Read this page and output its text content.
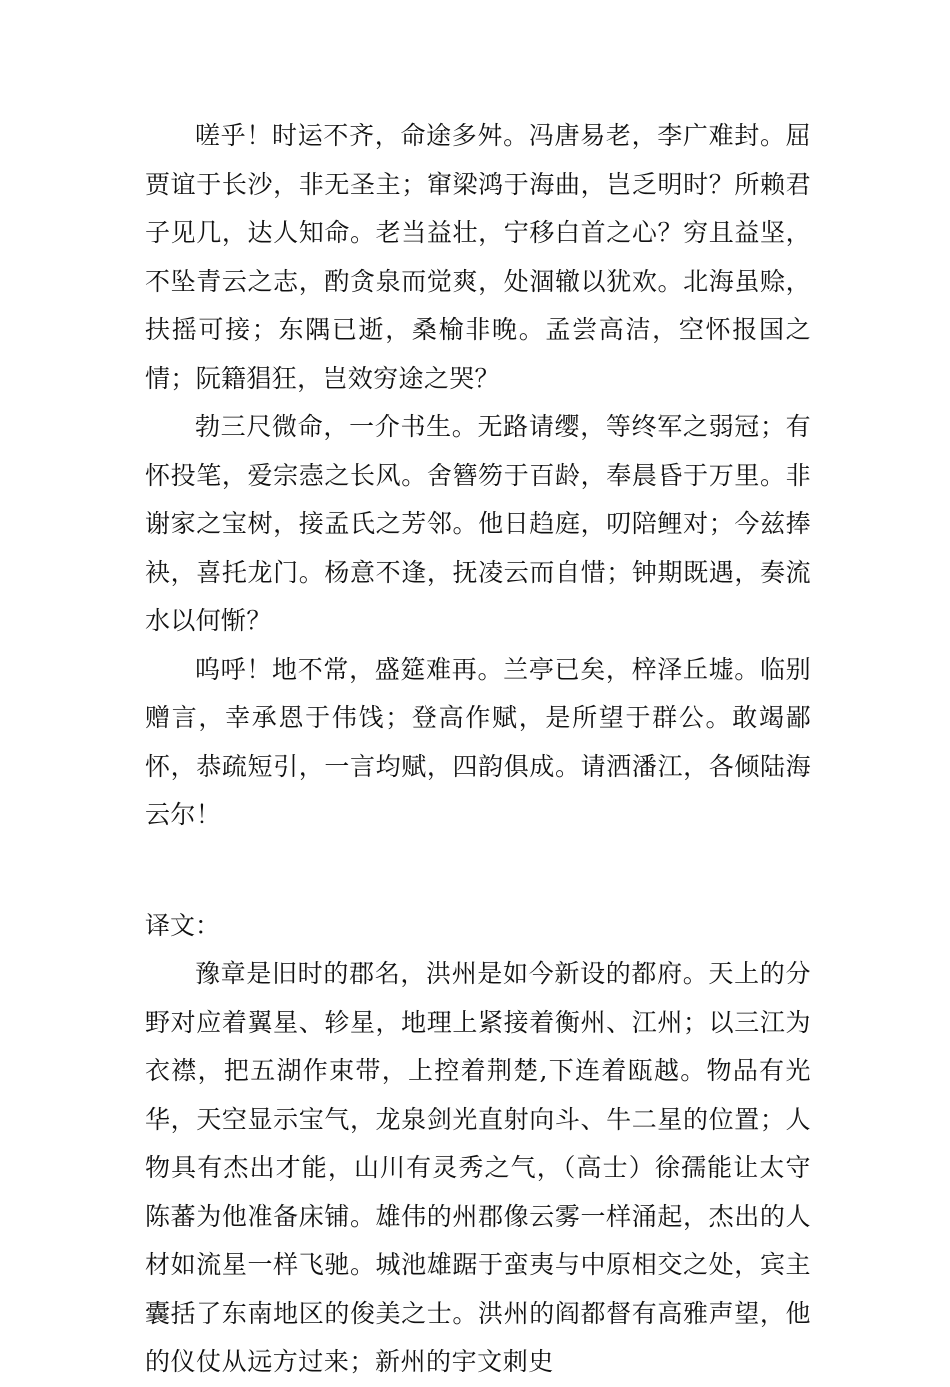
嗟乎！时运不齐，命途多舛。冯唐易老，李广难封。屈贾谊于长沙，非无圣主；窜梁鸿于海曲，岂乏明时？所赖君子见几，达人知命。老当益壮，宁移白首之心？穷且益坚，不坠青云之志，酌贪泉而觉爽，处涸辙以犹欢。北海虽赊，扶摇可接；东隅已逝，桑榆非晚。孟尝高洁，空怀报国之情；阮籍猖狂，岂效穷途之哭？

勃三尺微命，一介书生。无路请缨，等终军之弱冠；有怀投笔，爱宗悫之长风。舍簪笏于百龄，奉晨昏于万里。非谢家之宝树，接孟氏之芳邻。他日趋庭，叨陪鲤对；今兹捧袂，喜托龙门。杨意不逢，抚凌云而自惜；钟期既遇，奏流水以何惭？

呜呼！地不常，盛筵难再。兰亭已矣，梓泽丘墟。临别赠言，幸承恩于伟饯；登高作赋，是所望于群公。敢竭鄙怀，恭疏短引，一言均赋，四韵俱成。请洒潘江，各倾陆海云尔！

译文：

豫章是旧时的郡名，洪州是如今新设的都府。天上的分野对应着翼星、轸星，地理上紧接着衡州、江州；以三江为衣襟，把五湖作束带，上控着荆楚,下连着瓯越。物品有光华，天空显示宝气，龙泉剑光直射向斗、牛二星的位置；人物具有杰出才能，山川有灵秀之气，（高士）徐孺能让太守陈蕃为他准备床铺。雄伟的州郡像云雾一样涌起，杰出的人材如流星一样飞驰。城池雄踞于蛮夷与中原相交之处，宾主囊括了东南地区的俊美之士。洪州的阎都督有高雅声望，他的仪仗从远方过来；新州的宇文刺史
